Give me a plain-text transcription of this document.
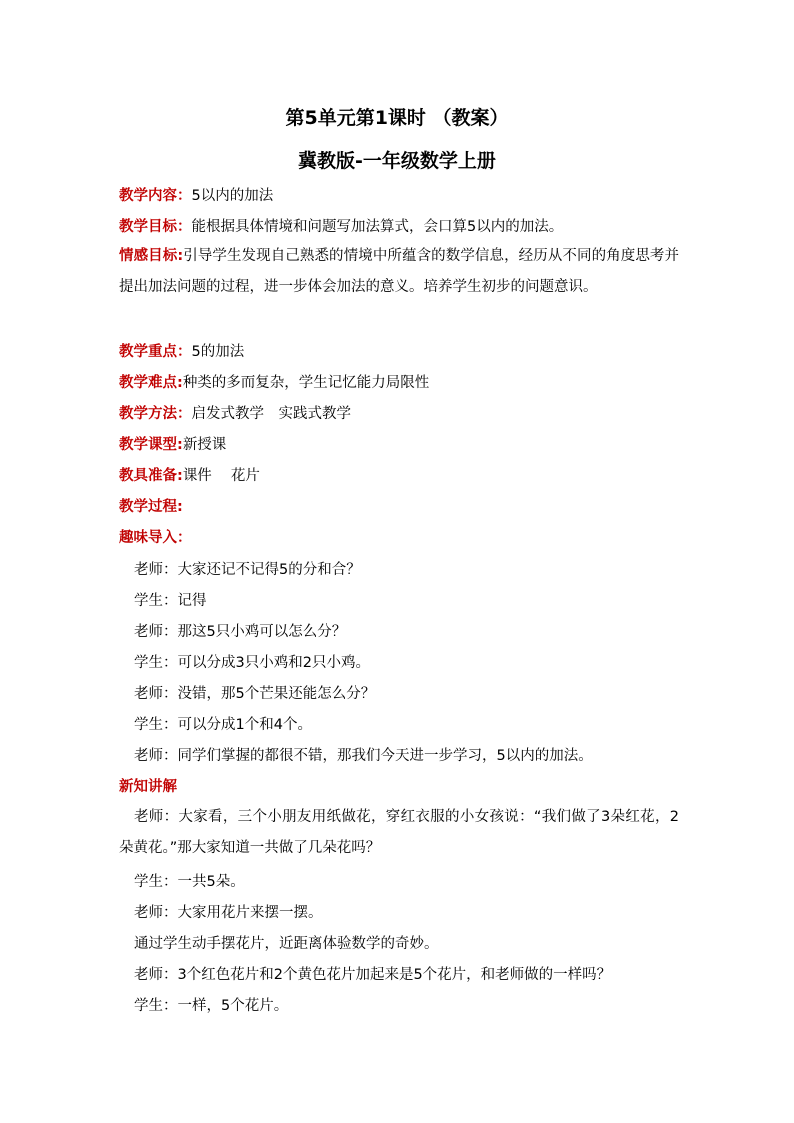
第5单元第1课时 （教案）
冀教版-一年级数学上册
教学内容：5以内的加法
教学目标：能根据具体情境和问题写加法算式，会口算5以内的加法。
情感目标:引导学生发现自己熟悉的情境中所蕴含的数学信息，经历从不同的角度思考并提出加法问题的过程，进一步体会加法的意义。培养学生初步的问题意识。
教学重点：5的加法
教学难点:种类的多而复杂，学生记忆能力局限性
教学方法：启发式教学　实践式教学
教学课型:新授课
教具准备:课件　 花片
教学过程:
趣味导入：
老师：大家还记不记得5的分和合？
学生：记得
老师：那这5只小鸡可以怎么分？
学生：可以分成3只小鸡和2只小鸡。
老师：没错，那5个芒果还能怎么分？
学生：可以分成1个和4个。
老师：同学们掌握的都很不错，那我们今天进一步学习，5以内的加法。
新知讲解
老师：大家看，三个小朋友用纸做花，穿红衣服的小女孩说：“我们做了3朵红花，2朵黄花。”那大家知道一共做了几朵花吗？
学生：一共5朵。
老师：大家用花片来摆一摆。
通过学生动手摆花片，近距离体验数学的奇妙。
老师：3个红色花片和2个黄色花片加起来是5个花片，和老师做的一样吗？
学生：一样，5个花片。
